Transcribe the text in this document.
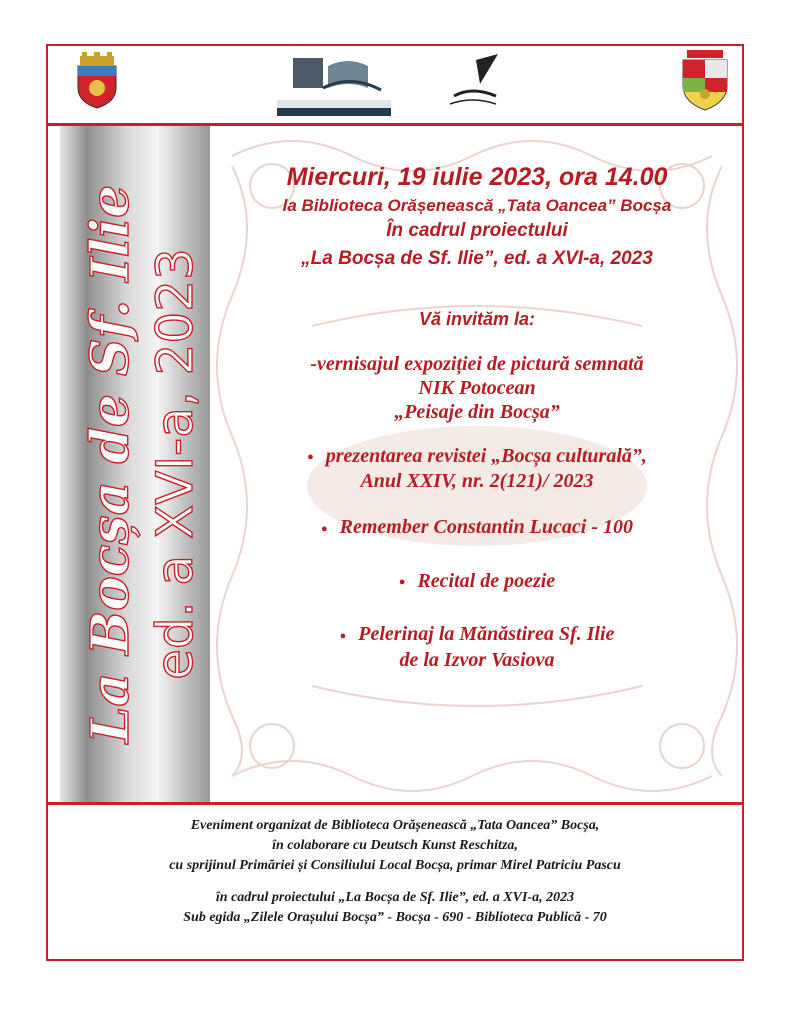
La Bocșa de Sf. Ilie ed. a XVI-a, 2023

Miercuri, 19 iulie 2023, ora 14.00

la Biblioteca Orășenească „Tata Oancea” Bocșa

În cadrul proiectului

„La Bocșa de Sf. Ilie”, ed. a XVI-a, 2023

Vă invităm la:
-vernisajul expoziției de pictură semnată
NIK Potocean
„Peisaje din Bocșa”
● prezentarea revistei „Bocșa culturală”,
Anul XXIV, nr. 2(121)/ 2023
● Remember Constantin Lucaci - 100
● Recital de poezie
● Pelerinaj la Mănăstirea Sf. Ilie
de la Izvor Vasiova

Eveniment organizat de Biblioteca Orășenească „Tata Oancea” Bocșa,

în colaborare cu Deutsch Kunst Reschitza,

cu sprijinul Primăriei și Consiliului Local Bocșa, primar Mirel Patriciu Pascu

în cadrul proiectului „La Bocșa de Sf. Ilie”, ed. a XVI-a, 2023

Sub egida „Zilele Orașului Bocșa” - Bocșa - 690 - Biblioteca Publică - 70
